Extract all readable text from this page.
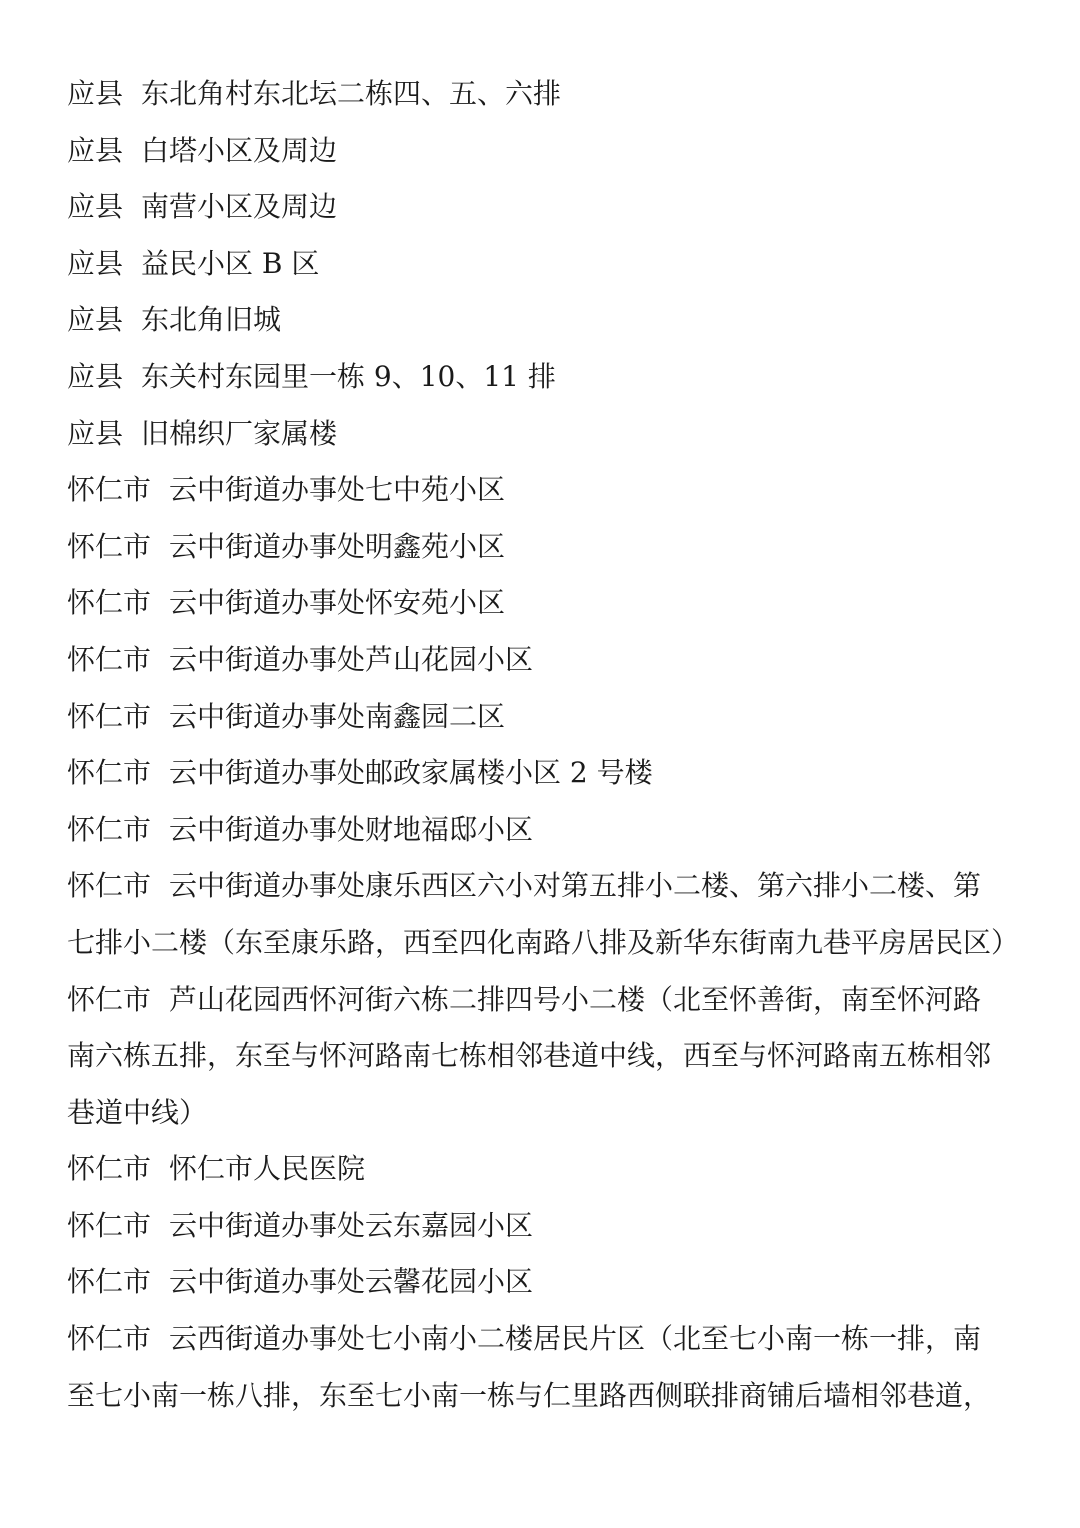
应县 东北角村东北坛二栋四、五、六排
应县 白塔小区及周边
应县 南营小区及周边
应县 益民小区 B 区
应县 东北角旧城
应县 东关村东园里一栋 9、10、11 排
应县 旧棉织厂家属楼
怀仁市 云中街道办事处七中苑小区
怀仁市 云中街道办事处明鑫苑小区
怀仁市 云中街道办事处怀安苑小区
怀仁市 云中街道办事处芦山花园小区
怀仁市 云中街道办事处南鑫园二区
怀仁市 云中街道办事处邮政家属楼小区 2 号楼
怀仁市 云中街道办事处财地福邸小区
怀仁市 云中街道办事处康乐西区六小对第五排小二楼、第六排小二楼、第
七排小二楼（东至康乐路，西至四化南路八排及新华东街南九巷平房居民区）
怀仁市 芦山花园西怀河街六栋二排四号小二楼（北至怀善街，南至怀河路
南六栋五排，东至与怀河路南七栋相邻巷道中线，西至与怀河路南五栋相邻
巷道中线）
怀仁市 怀仁市人民医院
怀仁市 云中街道办事处云东嘉园小区
怀仁市 云中街道办事处云馨花园小区
怀仁市 云西街道办事处七小南小二楼居民片区（北至七小南一栋一排，南
至七小南一栋八排，东至七小南一栋与仁里路西侧联排商铺后墙相邻巷道，
